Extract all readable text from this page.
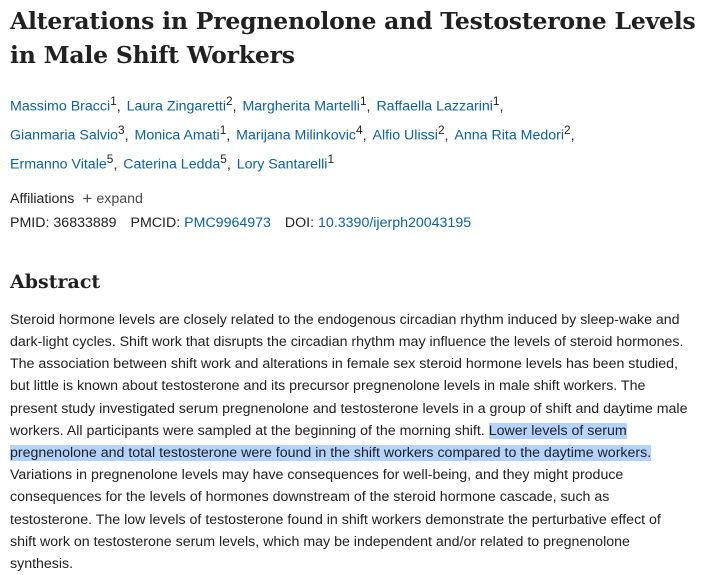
Alterations in Pregnenolone and Testosterone Levels in Male Shift Workers
Massimo Bracci$^1$, Laura Zingaretti$^2$, Margherita Martelli$^1$, Raffaella Lazzarini$^1$,
Gianmaria Salvio$^3$, Monica Amati$^1$, Marijana Milinkovic$^4$, Alfio Ulissi$^2$, Anna Rita Medori$^2$,
Ermanno Vitale$^5$, Caterina Ledda$^5$, Lory Santarelli$^1$
Affiliations + expand
PMID: 36833889 PMCID: PMC9964973 DOI: 10.3390/ijerph20043195
Abstract
Steroid hormone levels are closely related to the endogenous circadian rhythm induced by sleep-wake and dark-light cycles. Shift work that disrupts the circadian rhythm may influence the levels of steroid hormones. The association between shift work and alterations in female sex steroid hormone levels has been studied, but little is known about testosterone and its precursor pregnenolone levels in male shift workers. The present study investigated serum pregnenolone and testosterone levels in a group of shift and daytime male workers. All participants were sampled at the beginning of the morning shift. Lower levels of serum pregnenolone and total testosterone were found in the shift workers compared to the daytime workers. Variations in pregnenolone levels may have consequences for well-being, and they might produce consequences for the levels of hormones downstream of the steroid hormone cascade, such as testosterone. The low levels of testosterone found in shift workers demonstrate the perturbative effect of shift work on testosterone serum levels, which may be independent and/or related to pregnenolone synthesis.
